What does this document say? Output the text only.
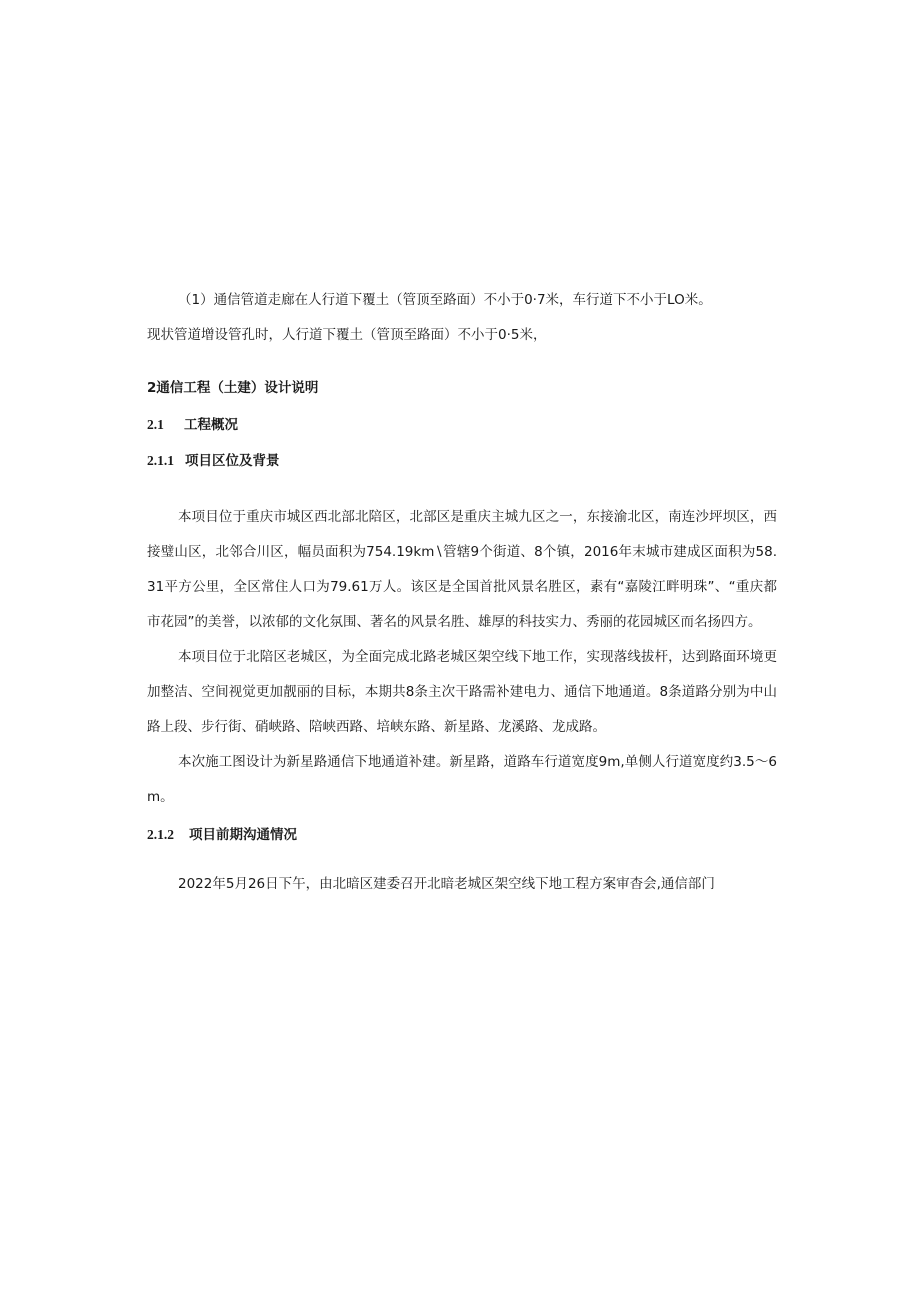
（1）通信管道走廊在人行道下覆土（管顶至路面）不小于0·7米，车行道下不小于LO米。
现状管道增设管孔时，人行道下覆土（管顶至路面）不小于0·5米，

2通信工程（土建）设计说明
2.1	工程概况
2.1.1 项目区位及背景

本项目位于重庆市城区西北部北陪区，北部区是重庆主城九区之一，东接渝北区，南连沙坪坝区，西接璧山区，北邻合川区，幅员面积为754.19km∖管辖9个街道、8个镇，2016年末城市建成区面积为58.31平方公里，全区常住人口为79.61万人。该区是全国首批风景名胜区，素有“嘉陵江畔明珠”、“重庆都市花园”的美誉，以浓郁的文化氛围、著名的风景名胜、雄厚的科技实力、秀丽的花园城区而名扬四方。

本项目位于北陪区老城区，为全面完成北路老城区架空线下地工作，实现落线拔杆，达到路面环境更加整洁、空间视觉更加靓丽的目标，本期共8条主次干路需补建电力、通信下地通道。8条道路分别为中山路上段、步行街、硝峡路、陪峡西路、培峡东路、新星路、龙溪路、龙成路。

本次施工图设计为新星路通信下地通道补建。新星路，道路车行道宽度9m,单侧人行道宽度约3.5～6m。

2.1.2	项目前期沟通情况

2022年5月26日下午，由北暗区建委召开北暗老城区架空线下地工程方案审杳会,通信部门
